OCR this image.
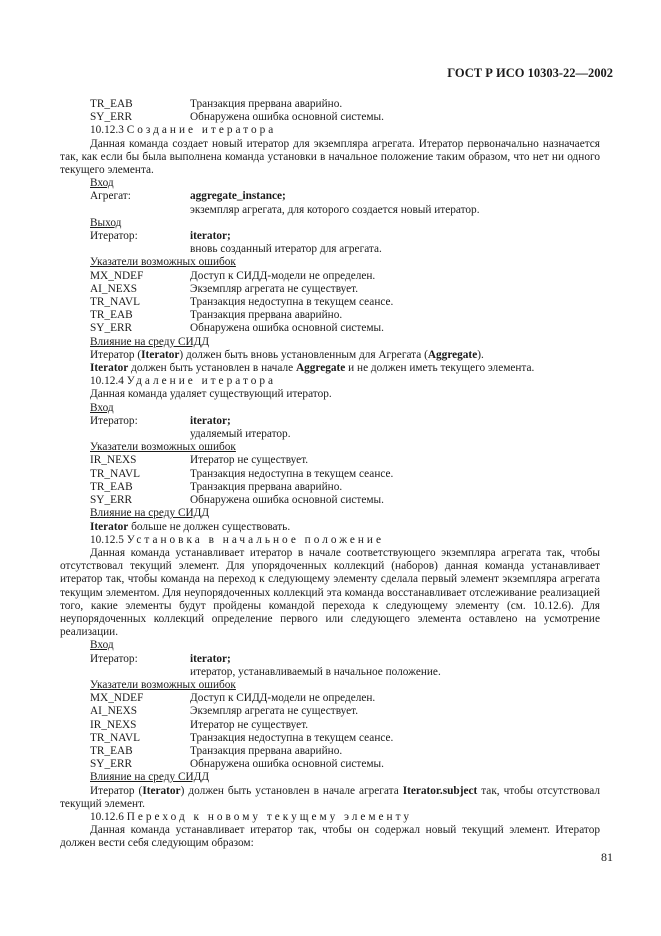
ГОСТ Р ИСО 10303-22—2002
TR_EAB	Транзакция прервана аварийно.
SY_ERR	Обнаружена ошибка основной системы.
10.12.3 Создание итератора
Данная команда создает новый итератор для экземпляра агрегата. Итератор первоначально назначается так, как если бы была выполнена команда установки в начальное положение таким образом, что нет ни одного текущего элемента.
Вход
Агрегат:	aggregate_instance;
экземпляр агрегата, для которого создается новый итератор.
Выход
Итератор:	iterator;
вновь созданный итератор для агрегата.
Указатели возможных ошибок
MX_NDEF	Доступ к СИДД-модели не определен.
AI_NEXS	Экземпляр агрегата не существует.
TR_NAVL	Транзакция недоступна в текущем сеансе.
TR_EAB	Транзакция прервана аварийно.
SY_ERR	Обнаружена ошибка основной системы.
Влияние на среду СИДД
Итератор (Iterator) должен быть вновь установленным для Агрегата (Aggregate).
Iterator должен быть установлен в начале Aggregate и не должен иметь текущего элемента.
10.12.4 Удаление итератора
Данная команда удаляет существующий итератор.
Вход
Итератор:	iterator;
удаляемый итератор.
Указатели возможных ошибок
IR_NEXS	Итератор не существует.
TR_NAVL	Транзакция недоступна в текущем сеансе.
TR_EAB	Транзакция прервана аварийно.
SY_ERR	Обнаружена ошибка основной системы.
Влияние на среду СИДД
Iterator больше не должен существовать.
10.12.5 Установка в начальное положение
Данная команда устанавливает итератор в начале соответствующего экземпляра агрегата так, чтобы отсутствовал текущий элемент. Для упорядоченных коллекций (наборов) данная команда устанавливает итератор так, чтобы команда на переход к следующему элементу сделала первый элемент экземпляра агрегата текущим элементом. Для неупорядоченных коллекций эта команда восстанавливает отслеживание реализацией того, какие элементы будут пройдены командой перехода к следующему элементу (см. 10.12.6). Для неупорядоченных коллекций определение первого или следующего элемента оставлено на усмотрение реализации.
Вход
Итератор:	iterator;
итератор, устанавливаемый в начальное положение.
Указатели возможных ошибок
MX_NDEF	Доступ к СИДД-модели не определен.
AI_NEXS	Экземпляр агрегата не существует.
IR_NEXS	Итератор не существует.
TR_NAVL	Транзакция недоступна в текущем сеансе.
TR_EAB	Транзакция прервана аварийно.
SY_ERR	Обнаружена ошибка основной системы.
Влияние на среду СИДД
Итератор (Iterator) должен быть установлен в начале агрегата Iterator.subject так, чтобы отсутствовал текущий элемент.
10.12.6 Переход к новому текущему элементу
Данная команда устанавливает итератор так, чтобы он содержал новый текущий элемент. Итератор должен вести себя следующим образом:
81
